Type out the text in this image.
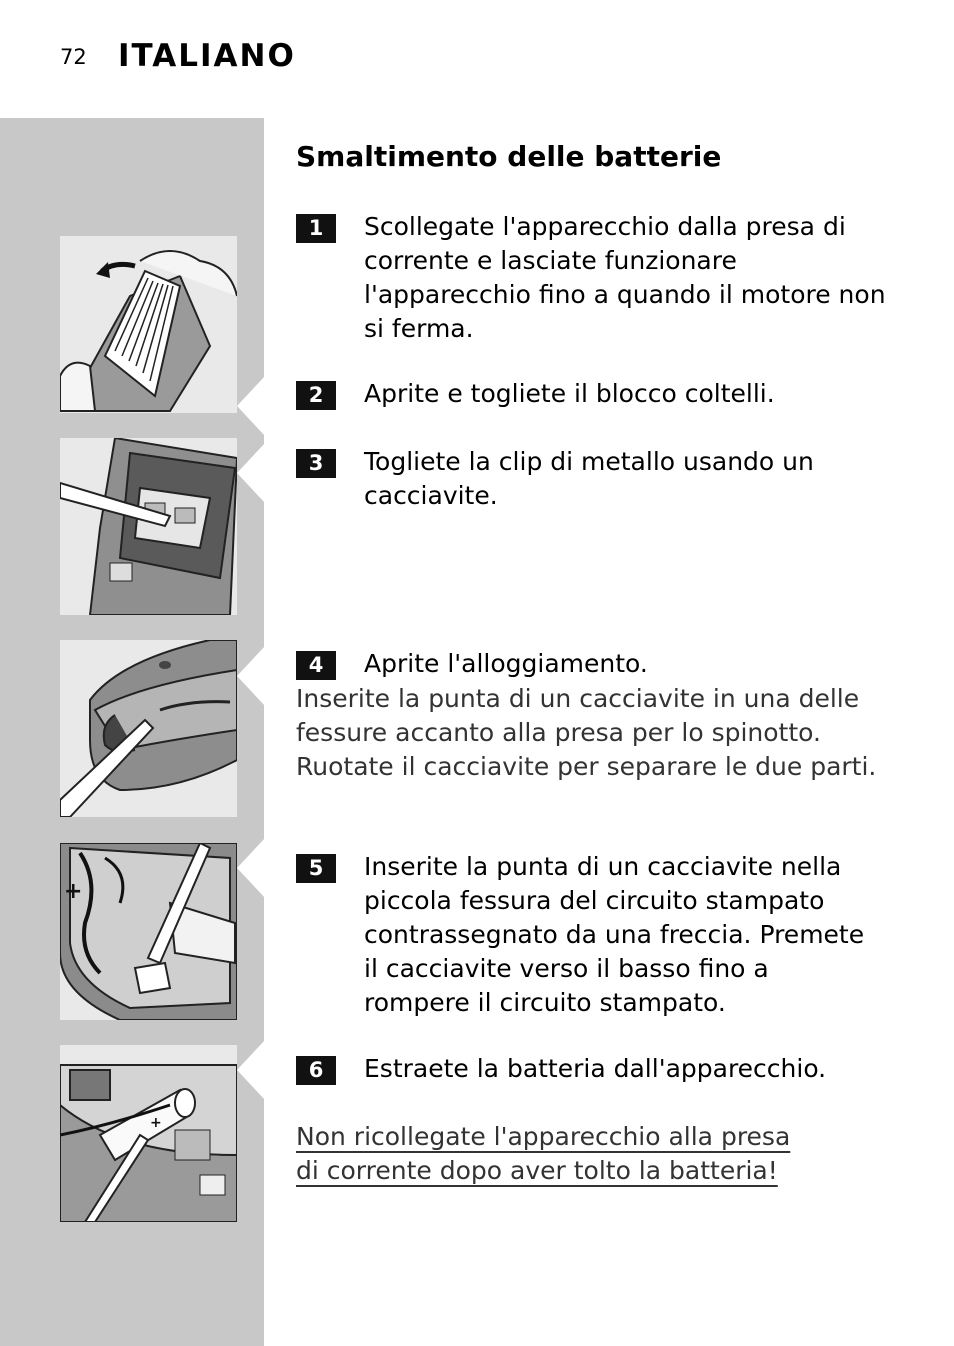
72 ITALIANO
+
+
Smaltimento delle batterie
1	Scollegate l'apparecchio dalla presa di corrente e lasciate funzionare l'apparecchio fino a quando il motore non si ferma.
2	Aprite e togliete il blocco coltelli.
3	Togliete la clip di metallo usando un cacciavite.
4	Aprite l'alloggiamento.
Inserite la punta di un cacciavite in una delle fessure accanto alla presa per lo spinotto. Ruotate il cacciavite per separare le due parti.
5	Inserite la punta di un cacciavite nella piccola fessura del circuito stampato contrassegnato da una freccia. Premete il cacciavite verso il basso fino a rompere il circuito stampato.
6	Estraete la batteria dall'apparecchio.
Non ricollegate l'apparecchio alla presa di corrente dopo aver tolto la batteria!
